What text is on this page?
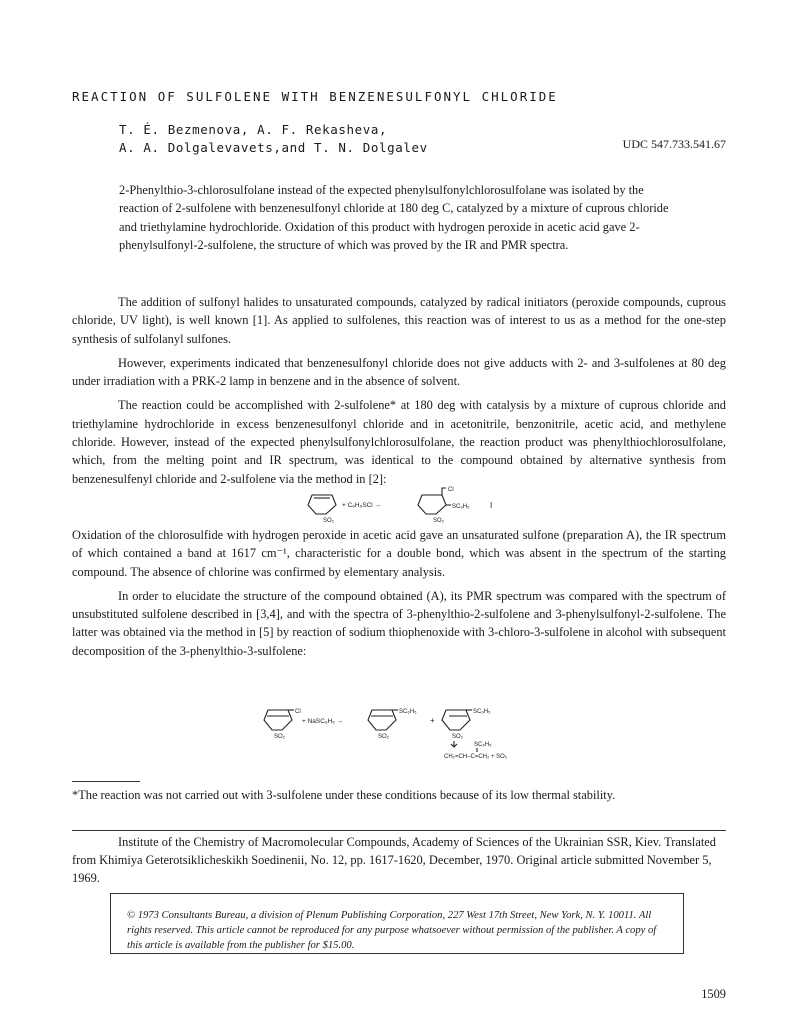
REACTION OF SULFOLENE WITH BENZENESULFONYL CHLORIDE
T. É. Bezmenova, A. F. Rekasheva,
A. A. Dolgalevavets,and T. N. Dolgalev	UDC 547.733.541.67

2-Phenylthio-3-chlorosulfolane instead of the expected phenylsulfonylchlorosulfolane was isolated by the reaction of 2-sulfolene with benzenesulfonyl chloride at 180 deg C, catalyzed by a mixture of cuprous chloride and triethylamine hydrochloride. Oxidation of this product with hydrogen peroxide in acetic acid gave 2-phenylsulfonyl-2-sulfolene, the structure of which was proved by the IR and PMR spectra.

The addition of sulfonyl halides to unsaturated compounds, catalyzed by radical initiators (peroxide compounds, cuprous chloride, UV light), is well known [1]. As applied to sulfolenes, this reaction was of interest to us as a method for the one-step synthesis of sulfolanyl sulfones.

However, experiments indicated that benzenesulfonyl chloride does not give adducts with 2- and 3-sulfolenes at 80 deg under irradiation with a PRK-2 lamp in benzene and in the absence of solvent.

The reaction could be accomplished with 2-sulfolene* at 180 deg with catalysis by a mixture of cuprous chloride and triethylamine hydrochloride in excess benzenesulfonyl chloride and in acetonitrile, benzonitrile, acetic acid, and methylene chloride. However, instead of the expected phenylsulfonylchlorosulfolane, the reaction product was phenylthiochlorosulfolane, which, from the melting point and IR spectrum, was identical to the compound obtained by alternative synthesis from benzenesulfenyl chloride and 2-sulfolene via the method in [2]:

SO₂
+ C₆H₅SCl →
Cl
SC₆H₅
SO₂
I

Oxidation of the chlorosulfide with hydrogen peroxide in acetic acid gave an unsaturated sulfone (preparation A), the IR spectrum of which contained a band at 1617 cm⁻¹, characteristic for a double bond, which was absent in the spectrum of the starting compound. The absence of chlorine was confirmed by elementary analysis.

In order to elucidate the structure of the compound obtained (A), its PMR spectrum was compared with the spectrum of unsubstituted sulfolene described in [3,4], and with the spectra of 3-phenylthio-2-sulfolene and 3-phenylsulfonyl-2-sulfolene. The latter was obtained via the method in [5] by reaction of sodium thiophenoxide with 3-chloro-3-sulfolene in alcohol with subsequent decomposition of the 3-phenylthio-3-sulfolene:

Cl
SO₂
+ NaSC₆H₅ →
SC₆H₅
SO₂
+
SC₆H₅
SO₂
SC₆H₅
CH₂=CH–C=CH₂ + SO₂
*The reaction was not carried out with 3-sulfolene under these conditions because of its low thermal stability.
Institute of the Chemistry of Macromolecular Compounds, Academy of Sciences of the Ukrainian SSR, Kiev. Translated from Khimiya Geterotsiklicheskikh Soedinenii, No. 12, pp. 1617-1620, December, 1970. Original article submitted November 5, 1969.
© 1973 Consultants Bureau, a division of Plenum Publishing Corporation, 227 West 17th Street, New York, N. Y. 10011. All rights reserved. This article cannot be reproduced for any purpose whatsoever without permission of the publisher. A copy of this article is available from the publisher for $15.00.
1509
